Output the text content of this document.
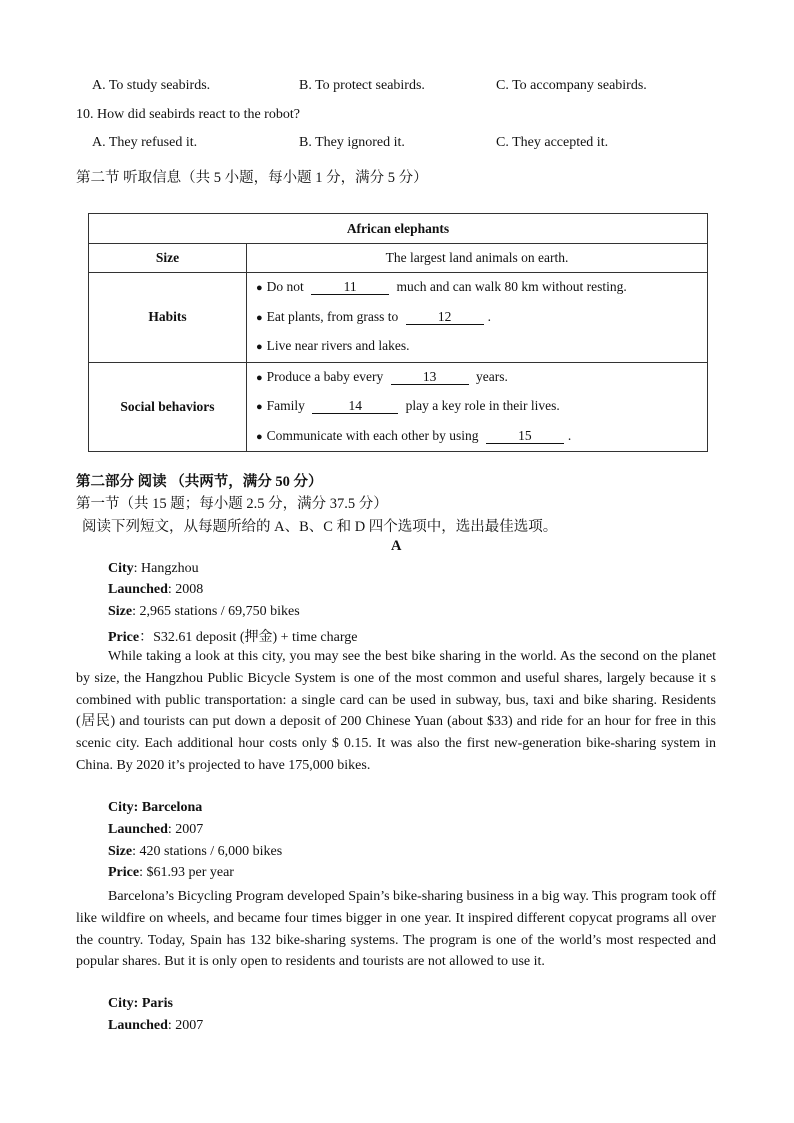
A. To study seabirds.	B. To protect seabirds.	C. To accompany seabirds.
10. How did seabirds react to the robot?
A. They refused it.	B. They ignored it.	C. They accepted it.
第二节 听取信息（共 5 小题，每小题 1 分，满分 5 分）
African elephants	
Size	The largest land animals on earth.
Habits	● Do not 11 much and can walk 80 km without resting.
● Eat plants, from grass to 12 .
● Live near rivers and lakes.

Social behaviors	● Produce a baby every 13 years.
● Family 14 play a key role in their lives.
● Communicate with each other by using 15 .
第二部分 阅读 （共两节，满分 50 分）
第一节（共 15 题；每小题 2.5 分，满分 37.5 分）
阅读下列短文，从每题所给的 A、B、C 和 D 四个选项中，选出最佳选项。
A
City: Hangzhou
Launched: 2008
Size: 2,965 stations / 69,750 bikes
Price：S32.61 deposit (押金) + time charge

While taking a look at this city, you may see the best bike sharing in the world. As the second on the planet by size, the Hangzhou Public Bicycle System is one of the most common and useful shares, largely because it s combined with public transportation: a single card can be used in subway, bus, taxi and bike sharing. Residents (居民) and tourists can put down a deposit of 200 Chinese Yuan (about $33) and ride for an hour for free in this scenic city. Each additional hour costs only $ 0.15. It was also the first new-generation bike-sharing system in China. By 2020 it’s projected to have 175,000 bikes.

City: Barcelona
Launched: 2007
Size: 420 stations / 6,000 bikes
Price: $61.93 per year

Barcelona’s Bicycling Program developed Spain’s bike-sharing business in a big way. This program took off like wildfire on wheels, and became four times bigger in one year. It inspired different copycat programs all over the country. Today, Spain has 132 bike-sharing systems. The program is one of the world’s most respected and popular shares. But it is only open to residents and tourists are not allowed to use it.

City: Paris
Launched: 2007
